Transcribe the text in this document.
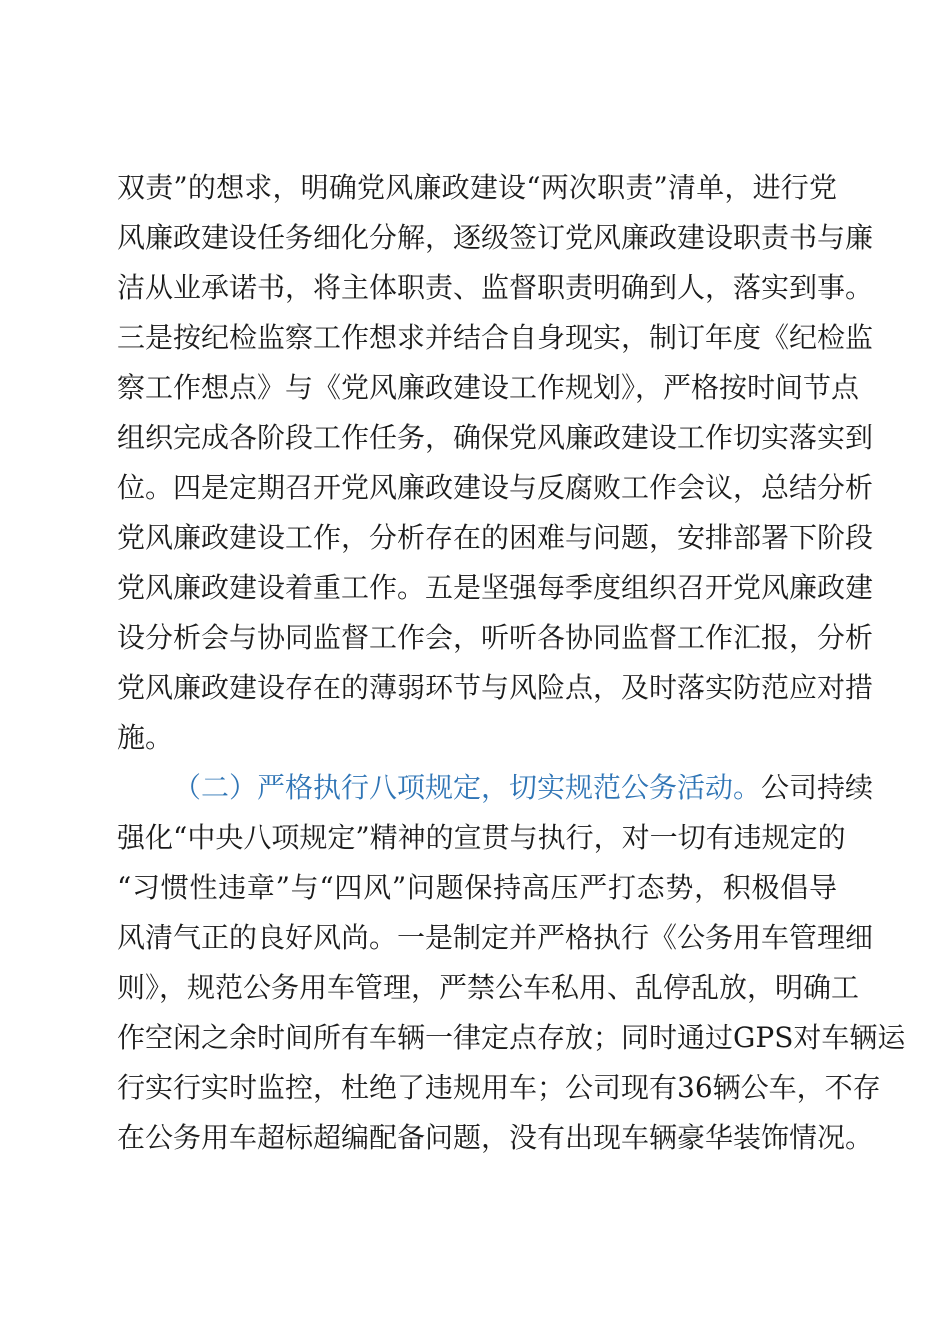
双责”的想求，明确党风廉政建设“两次职责”清单，进行党
风廉政建设任务细化分解，逐级签订党风廉政建设职责书与廉
洁从业承诺书，将主体职责、监督职责明确到人，落实到事。
三是按纪检监察工作想求并结合自身现实，制订年度《纪检监
察工作想点》与《党风廉政建设工作规划》，严格按时间节点
组织完成各阶段工作任务，确保党风廉政建设工作切实落实到
位。四是定期召开党风廉政建设与反腐败工作会议，总结分析
党风廉政建设工作，分析存在的困难与问题，安排部署下阶段
党风廉政建设着重工作。五是坚强每季度组织召开党风廉政建
设分析会与协同监督工作会，听听各协同监督工作汇报，分析
党风廉政建设存在的薄弱环节与风险点，及时落实防范应对措
施。
（二）严格执行八项规定，切实规范公务活动。公司持续
强化“中央八项规定”精神的宣贯与执行，对一切有违规定的
“习惯性违章”与“四风”问题保持高压严打态势，积极倡导
风清气正的良好风尚。一是制定并严格执行《公务用车管理细
则》，规范公务用车管理，严禁公车私用、乱停乱放，明确工
作空闲之余时间所有车辆一律定点存放；同时通过GPS对车辆运
行实行实时监控，杜绝了违规用车；公司现有36辆公车，不存
在公务用车超标超编配备问题，没有出现车辆豪华装饰情况。
